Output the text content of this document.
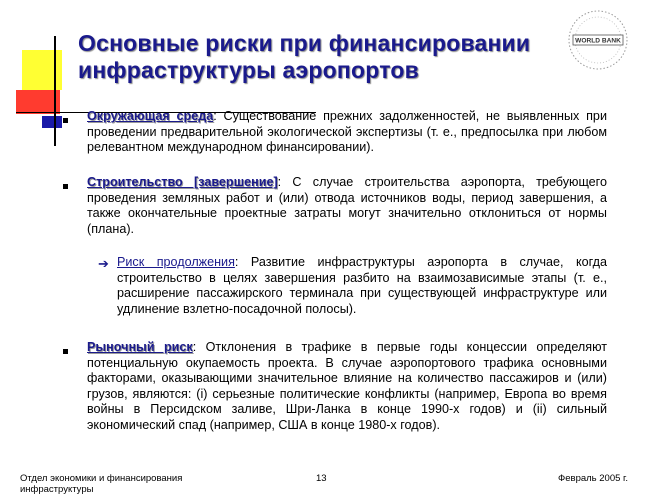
Основные риски при финансировании инфраструктуры аэропортов
WORLD BANK
Окружающая среда: Существование прежних задолженностей, не выявленных при проведении предварительной экологической экспертизы (т. е., предпосылка при любом релевантном международном финансировании).
Строительство [завершение]: С случае строительства аэропорта, требующего проведения земляных работ и (или) отвода источников воды, период завершения, а также окончательные проектные затраты могут значительно отклониться от нормы (плана).
➔ Риск продолжения: Развитие инфраструктуры аэропорта в случае, когда строительство в целях завершения разбито на взаимозависимые этапы (т. е., расширение пассажирского терминала при существующей инфраструктуре или удлинение взлетно-посадочной полосы).
Рыночный риск: Отклонения в трафике в первые годы концессии определяют потенциальную окупаемость проекта. В случае аэропортового трафика основными факторами, оказывающими значительное влияние на количество пассажиров и (или) грузов, являются: (i) серьезные политические конфликты (например, Европа во время войны в Персидском заливе, Шри-Ланка в конце 1990-х годов) и (ii) сильный экономический спад (например, США в конце 1980-х годов).
Отдел экономики и финансирования инфраструктуры
13	Февраль 2005 г.
